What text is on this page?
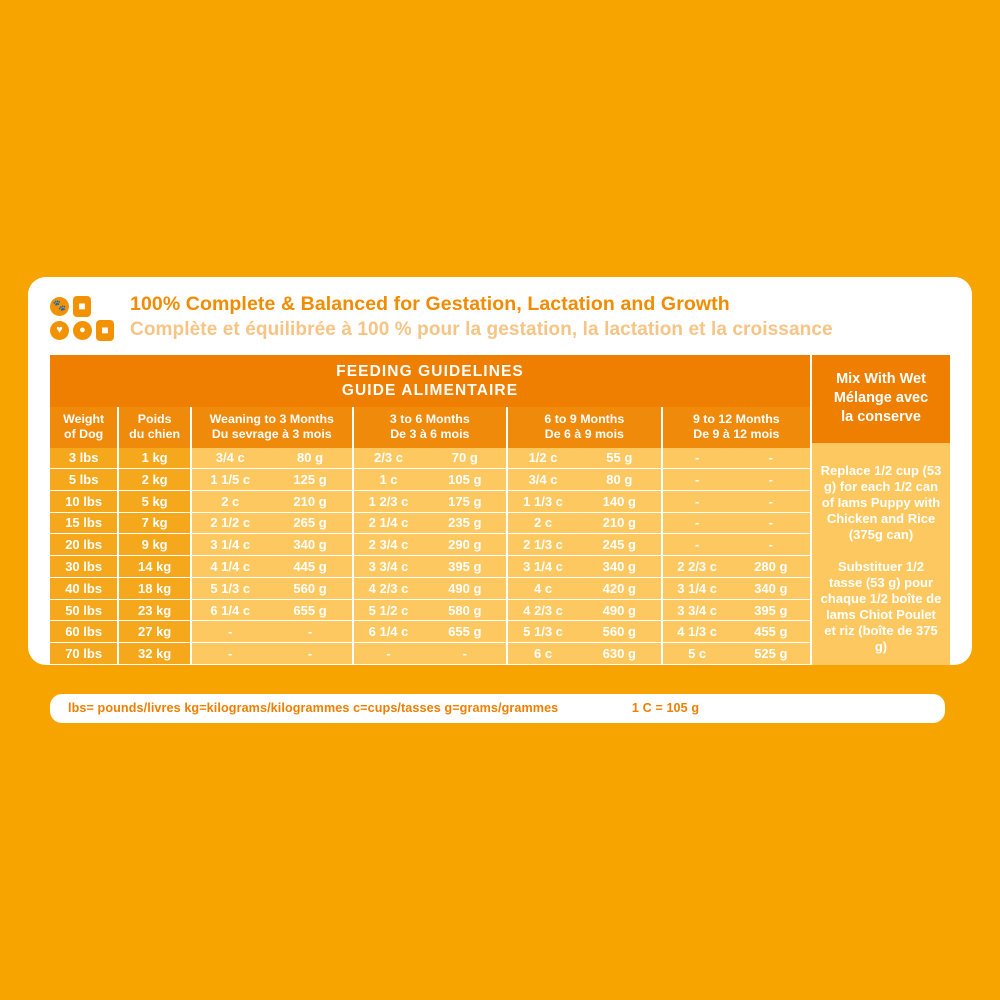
🐾	■
♥	●	■
100% Complete & Balanced for Gestation, Lactation and Growth
Complète et équilibrée à 100 % pour la gestation, la lactation et la croissance
FEEDING GUIDELINES
GUIDE ALIMENTAIRE									

Weight
of Dog

Poids
du chien

Weaning to 3 Months
Du sevrage à 3 mois

3 to 6 Months
De 3 à 6 mois

6 to 9 Months
De 6 à 9 mois

9 to 12 Months
De 9 à 12 mois

3 lbs	1 kg	3/4 c	80 g	2/3 c	70 g	1/2 c	55 g	-	-
5 lbs	2 kg	1 1/5 c	125 g	1 c	105 g	3/4 c	80 g	-	-
10 lbs	5 kg	2 c	210 g	1 2/3 c	175 g	1 1/3 c	140 g	-	-
15 lbs	7 kg	2 1/2 c	265 g	2 1/4 c	235 g	2 c	210 g	-	-
20 lbs	9 kg	3 1/4 c	340 g	2 3/4 c	290 g	2 1/3 c	245 g	-	-
30 lbs	14 kg	4 1/4 c	445 g	3 3/4 c	395 g	3 1/4 c	340 g	2 2/3 c	280 g
40 lbs	18 kg	5 1/3 c	560 g	4 2/3 c	490 g	4 c	420 g	3 1/4 c	340 g
50 lbs	23 kg	6 1/4 c	655 g	5 1/2 c	580 g	4 2/3 c	490 g	3 3/4 c	395 g
60 lbs	27 kg	-	-	6 1/4 c	655 g	5 1/3 c	560 g	4 1/3 c	455 g
70 lbs	32 kg	-	-	-	-	6 c	630 g	5 c	525 g
Mix With Wet
Mélange avec
la conserve
Replace 1/2 cup (53 g) for each 1/2 can of Iams Puppy with Chicken and Rice (375g can)
Substituer 1/2 tasse (53 g) pour chaque 1/2 boîte de Iams Chiot Poulet et riz (boîte de 375 g)
lbs= pounds/livres kg=kilograms/kilogrammes c=cups/tasses g=grams/grammes	1 C = 105 g
